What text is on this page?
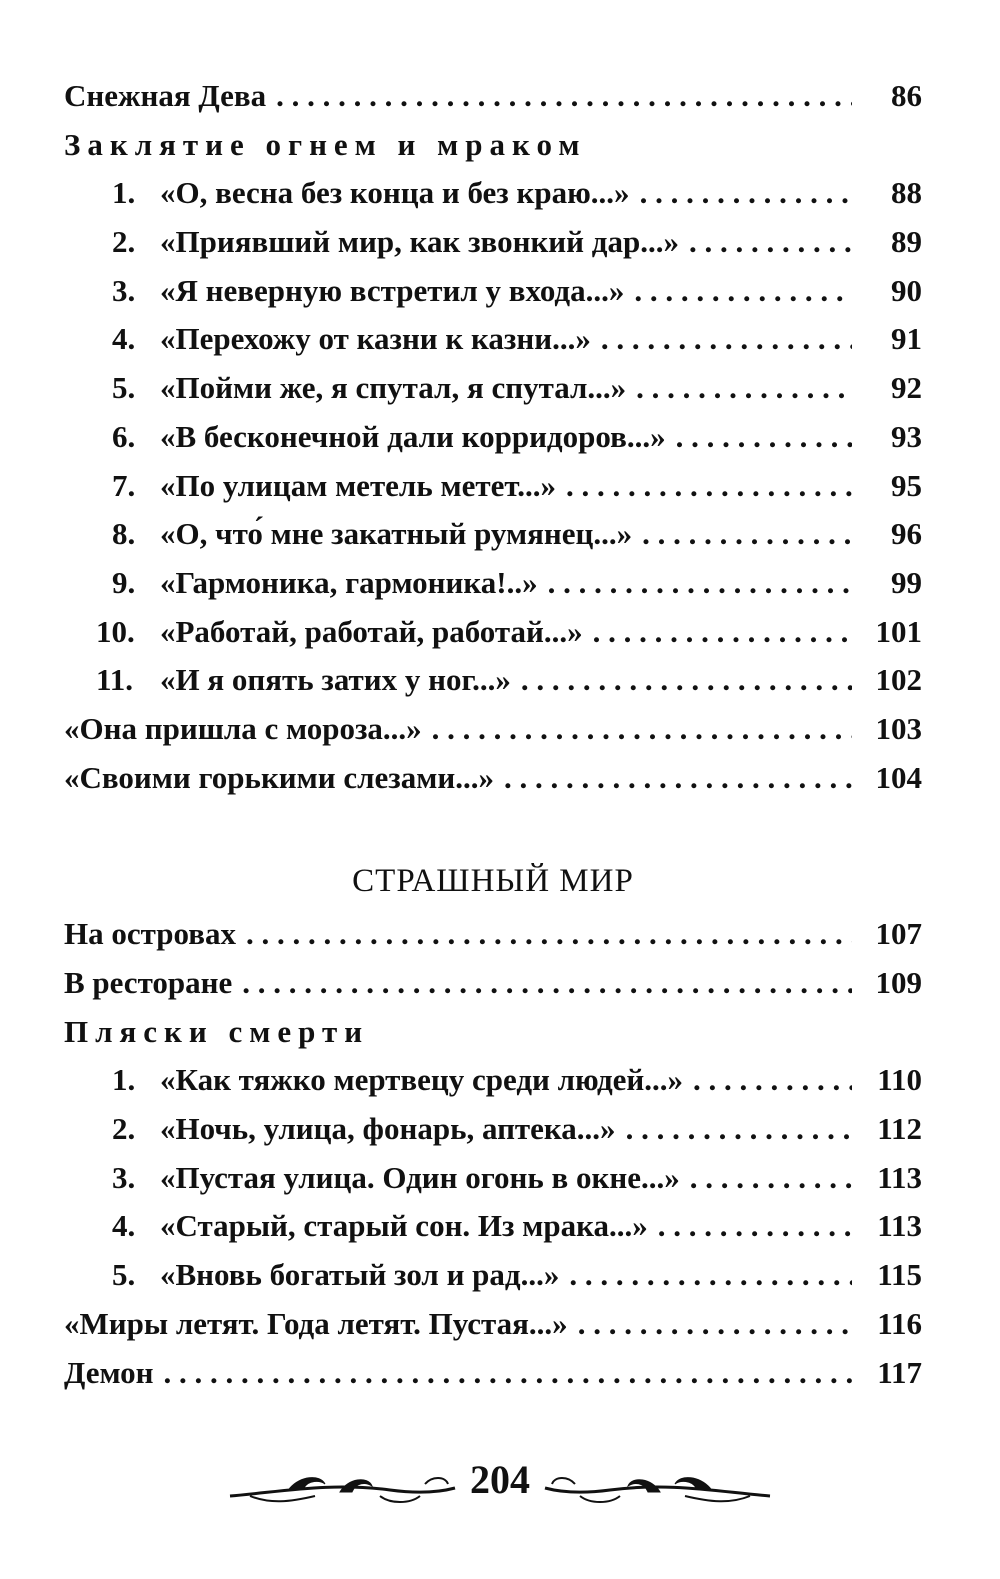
Снежная Дева . . .	86
Заклятие огнем и мраком
1. «О, весна без конца и без краю...» . . .	88
2. «Приявший мир, как звонкий дар...» . . .	89
3. «Я неверную встретил у входа...» . . .	90
4. «Перехожу от казни к казни...» . . .	91
5. «Пойми же, я спутал, я спутал...» . . .	92
6. «В бесконечной дали корридоров...» . . .	93
7. «По улицам метель метет...» . . .	95
8. «О, что́ мне закатный румянец...» . . .	96
9. «Гармоника, гармоника!..» . . .	99
10. «Работай, работай, работай...» . . .	101
11. «И я опять затих у ног...» . . .	102
«Она пришла с мороза...» . . .	103
«Своими горькими слезами...» . . .	104
СТРАШНЫЙ МИР
На островах . . .	107
В ресторане . . .	109
Пляски смерти
1. «Как тяжко мертвецу среди людей...» . . .	110
2. «Ночь, улица, фонарь, аптека...» . . .	112
3. «Пустая улица. Один огонь в окне...» . . .	113
4. «Старый, старый сон. Из мрака...» . . .	113
5. «Вновь богатый зол и рад...» . . .	115
«Миры летят. Года летят. Пустая...» . . .	116
Демон . . .	117
204
